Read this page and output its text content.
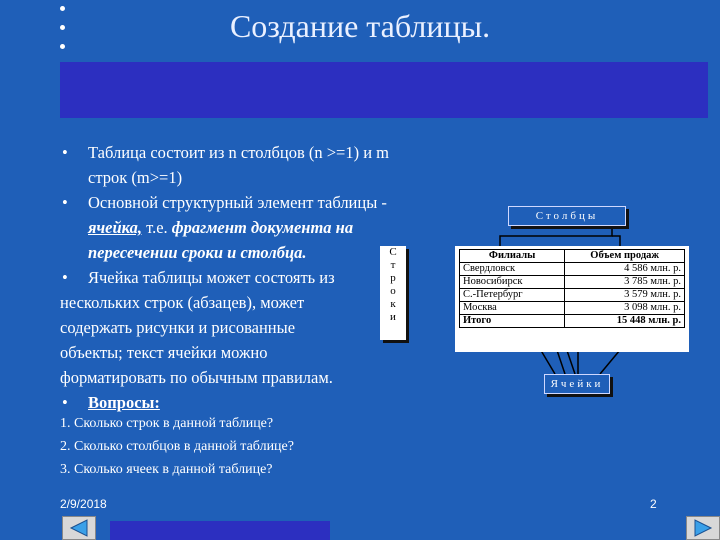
Создание таблицы.
• Таблица состоит из n столбцов (n >=1) и m
строк (m>=1)
• Основной структурный элемент таблицы -
ячейка, т.е. фрагмент документа на
пересечении сроки и столбца.
• Ячейка таблицы может состоять из
нескольких строк (абзацев), может
содержать рисунки и рисованные
объекты; текст ячейки можно
форматировать по обычным правилам.
• Вопросы:
1. Сколько строк в данной таблице?
2. Сколько столбцов в данной таблице?
3. Сколько ячеек в данной таблице?
Столбцы
С
т
р
о
к
и
Филиалы	Объем продаж
Свердловск	4 586 млн. р.
Новосибирск	3 785 млн. р.
С.-Петербург	3 579 млн. р.
Москва	3 098 млн. р.
Итого	15 448 млн. р.
Ячейки
2/9/2018	2
